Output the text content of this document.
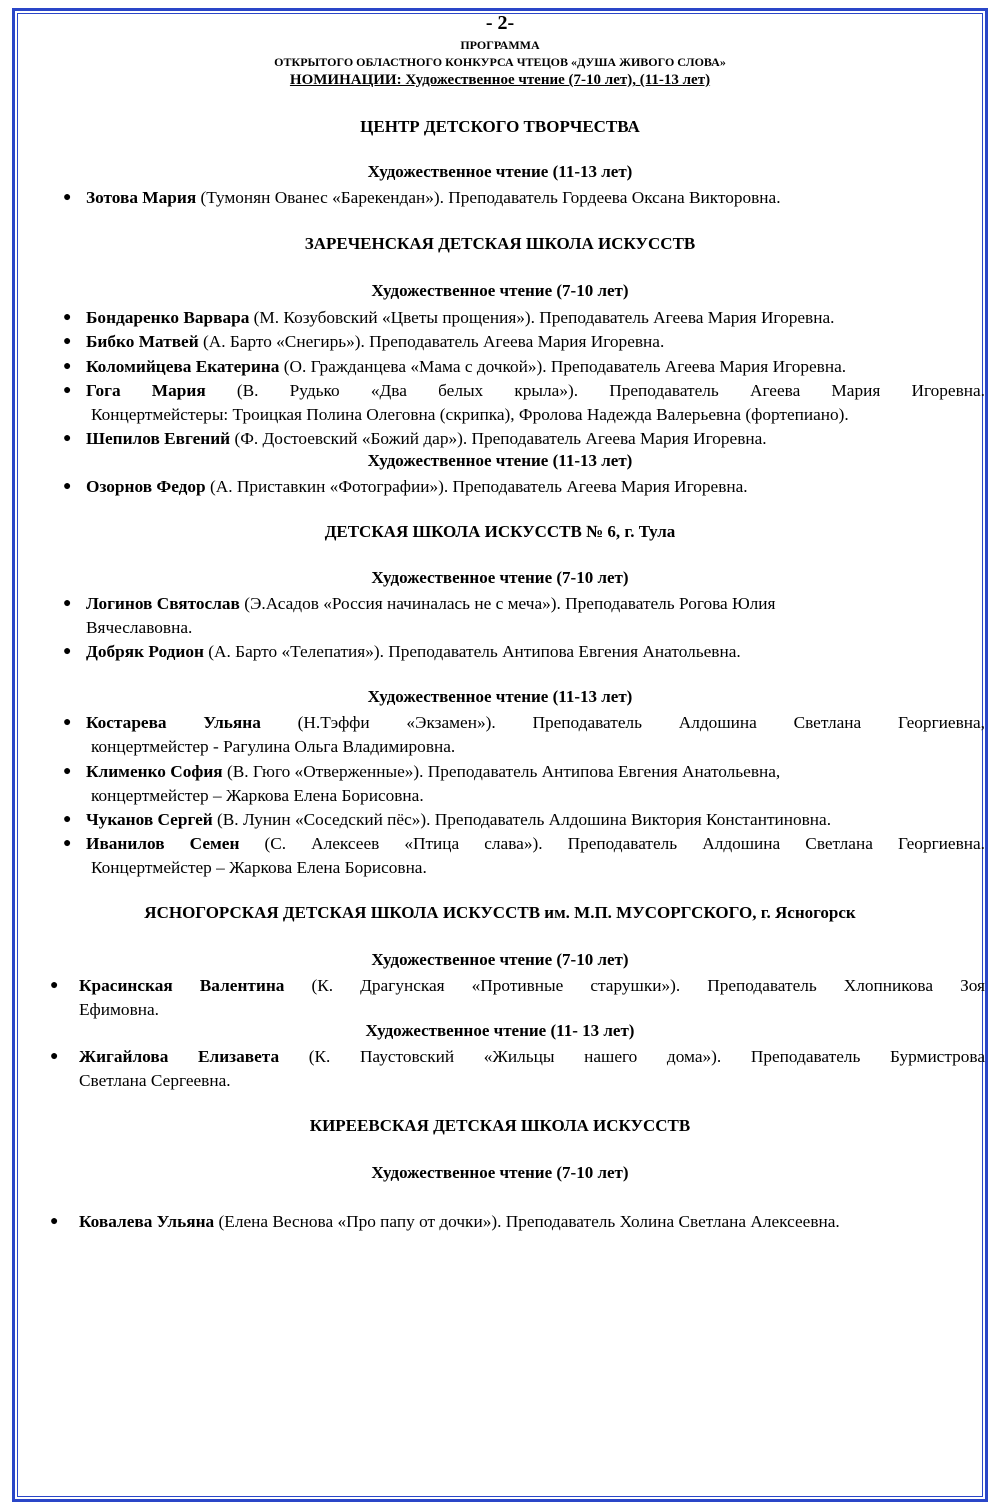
- 2-
ПРОГРАММА
ОТКРЫТОГО ОБЛАСТНОГО КОНКУРСА ЧТЕЦОВ «ДУША ЖИВОГО СЛОВА»
НОМИНАЦИИ: Художественное чтение (7-10 лет), (11-13 лет)
ЦЕНТР ДЕТСКОГО ТВОРЧЕСТВА
Художественное чтение (11-13 лет)
● Зотова Мария (Тумонян Ованес «Барекендан»). Преподаватель Гордеева Оксана Викторовна.
ЗАРЕЧЕНСКАЯ ДЕТСКАЯ ШКОЛА ИСКУССТВ
Художественное чтение (7-10 лет)
● Бондаренко Варвара (М. Козубовский «Цветы прощения»). Преподаватель Агеева Мария Игоревна.
● Бибко Матвей (А. Барто «Снегирь»). Преподаватель Агеева Мария Игоревна.
● Коломийцева Екатерина (О. Гражданцева «Мама с дочкой»). Преподаватель Агеева Мария Игоревна.
● Гога Мария (В. Рудько «Два белых крыла»). Преподаватель Агеева Мария Игоревна.
Концертмейстеры: Троицкая Полина Олеговна (скрипка), Фролова Надежда Валерьевна (фортепиано).
● Шепилов Евгений (Ф. Достоевский «Божий дар»). Преподаватель Агеева Мария Игоревна.
Художественное чтение (11-13 лет)
● Озорнов Федор (А. Приставкин «Фотографии»). Преподаватель Агеева Мария Игоревна.
ДЕТСКАЯ ШКОЛА ИСКУССТВ № 6, г. Тула
Художественное чтение (7-10 лет)
● Логинов Святослав (Э.Асадов «Россия начиналась не с меча»). Преподаватель Рогова Юлия
Вячеславовна.
● Добряк Родион (А. Барто «Телепатия»). Преподаватель Антипова Евгения Анатольевна.
Художественное чтение (11-13 лет)
● Костарева Ульяна (Н.Тэффи «Экзамен»). Преподаватель Алдошина Светлана Георгиевна,
концертмейстер - Рагулина Ольга Владимировна.
● Клименко София (В. Гюго «Отверженные»). Преподаватель Антипова Евгения Анатольевна,
концертмейстер – Жаркова Елена Борисовна.
● Чуканов Сергей (В. Лунин «Соседский пёс»). Преподаватель Алдошина Виктория Константиновна.
● Иванилов Семен (С. Алексеев «Птица слава»). Преподаватель Алдошина Светлана Георгиевна.
Концертмейстер – Жаркова Елена Борисовна.
ЯСНОГОРСКАЯ ДЕТСКАЯ ШКОЛА ИСКУССТВ им. М.П. МУСОРГСКОГО, г. Ясногорск
Художественное чтение (7-10 лет)
● Красинская Валентина (К. Драгунская «Противные старушки»). Преподаватель Хлопникова Зоя
Ефимовна.
Художественное чтение (11- 13 лет)
● Жигайлова Елизавета (К. Паустовский «Жильцы нашего дома»). Преподаватель Бурмистрова
Светлана Сергеевна.
КИРЕЕВСКАЯ ДЕТСКАЯ ШКОЛА ИСКУССТВ
Художественное чтение (7-10 лет)
● Ковалева Ульяна (Елена Веснова «Про папу от дочки»). Преподаватель Холина Светлана Алексеевна.
